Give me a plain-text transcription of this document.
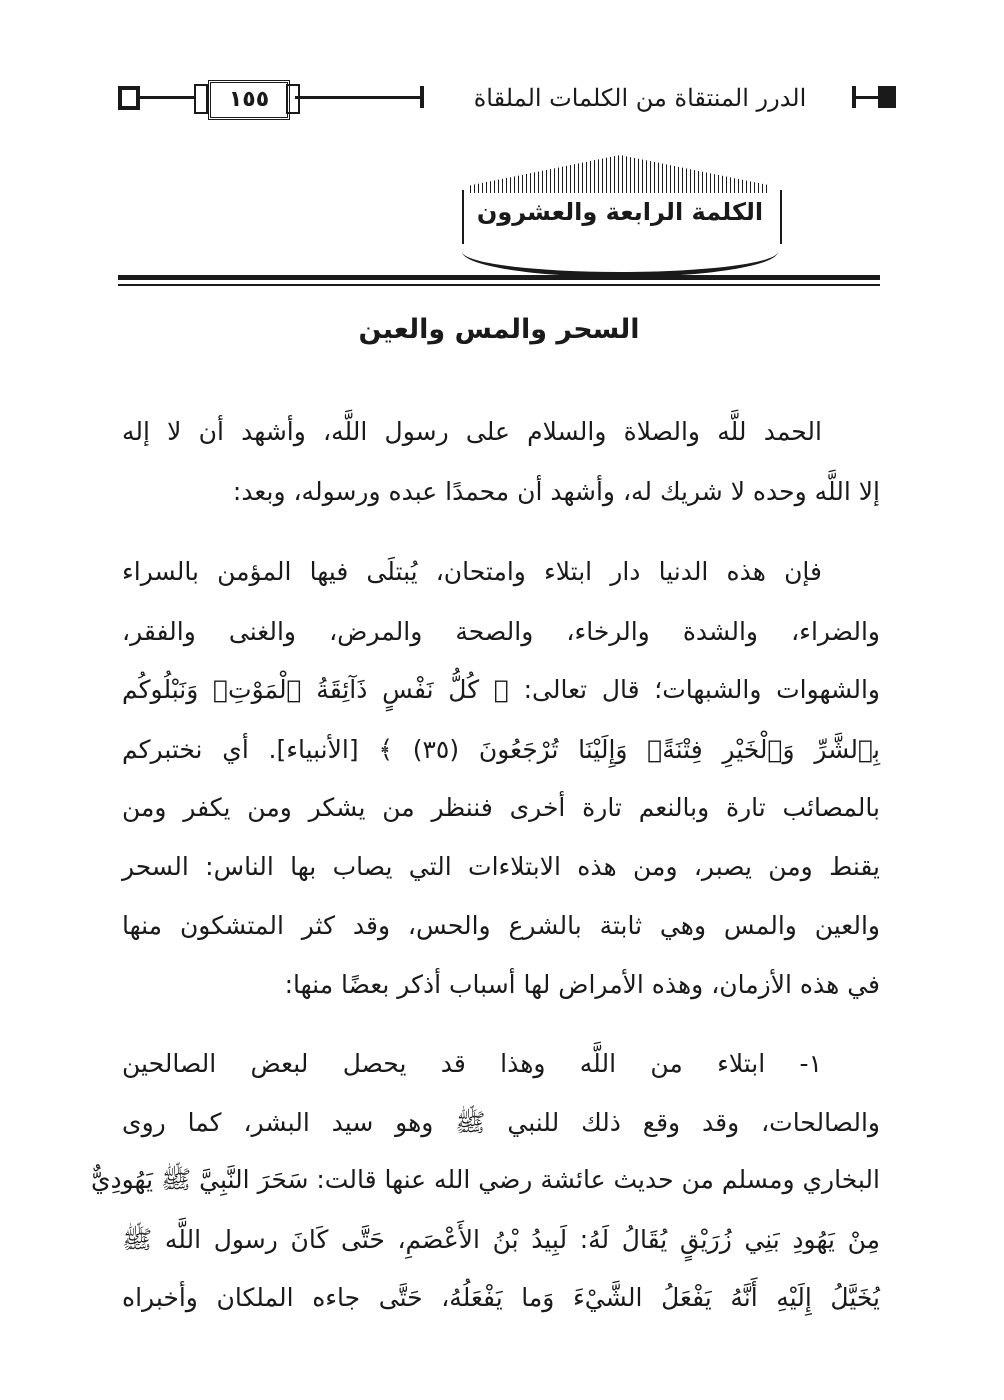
الدرر المنتقاة من الكلمات الملقاة
١٥٥
الكلمة الرابعة والعشرون
السحر والمس والعين
الحمد للَّه والصلاة والسلام على رسول اللَّه، وأشهد أن لا إله
إلا اللَّه وحده لا شريك له، وأشهد أن محمدًا عبده ورسوله، وبعد:
فإن هذه الدنيا دار ابتلاء وامتحان، يُبتلَى فيها المؤمن بالسراء
والضراء، والشدة والرخاء، والصحة والمرض، والغنى والفقر،
والشهوات والشبهات؛ قال تعالى: ﴿ كُلُّ نَفْسٍ ذَآئِقَةُ ٱلْمَوْتِۗ وَنَبْلُوكُم
بِٱلشَّرِّ وَٱلْخَيْرِ فِتْنَةًۖ وَإِلَيْنَا تُرْجَعُونَ (٣٥) ﴾ [الأنبياء]. أي نختبركم
بالمصائب تارة وبالنعم تارة أخرى فننظر من يشكر ومن يكفر ومن
يقنط ومن يصبر، ومن هذه الابتلاءات التي يصاب بها الناس: السحر
والعين والمس وهي ثابتة بالشرع والحس، وقد كثر المتشكون منها
في هذه الأزمان، وهذه الأمراض لها أسباب أذكر بعضًا منها:
١- ابتلاء من اللَّه وهذا قد يحصل لبعض الصالحين
والصالحات، وقد وقع ذلك للنبي ﷺ وهو سيد البشر، كما روى
البخاري ومسلم من حديث عائشة رضي الله عنها قالت: سَحَرَ النَّبِيَّ ﷺ يَهُودِيٌّ
مِنْ يَهُودِ بَنِي زُرَيْقٍ يُقَالُ لَهُ: لَبِيدُ بْنُ الأَعْصَمِ، حَتَّى كَانَ رسول اللَّه ﷺ
يُخَيَّلُ إِلَيْهِ أَنَّهُ يَفْعَلُ الشَّيْءَ وَما يَفْعَلُهُ، حَتَّى جاءه الملكان وأخبراه
